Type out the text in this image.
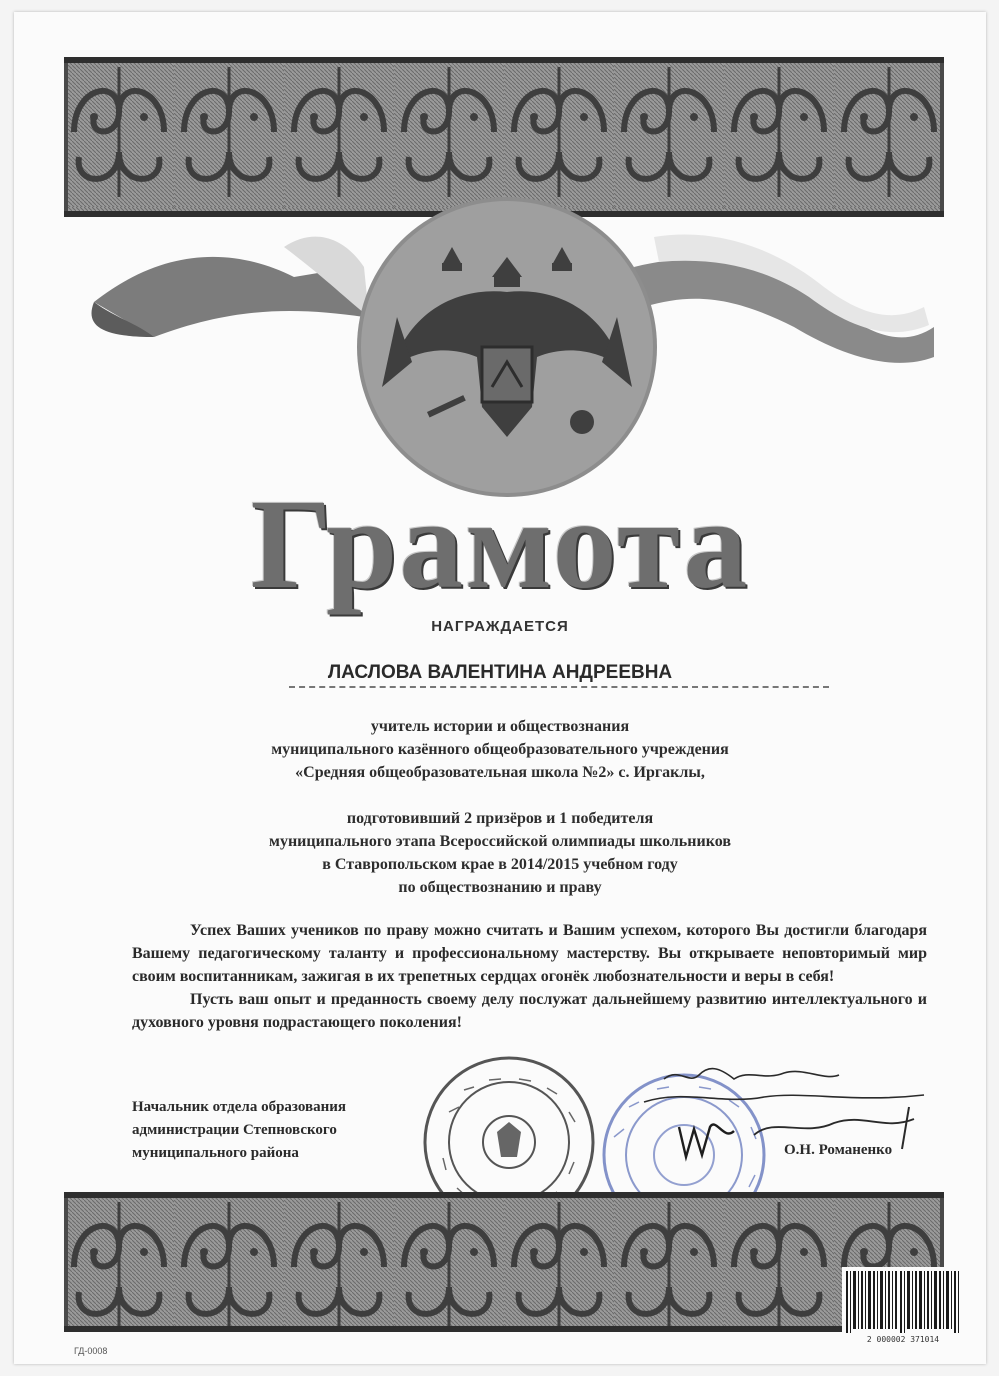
Грамота
НАГРАЖДАЕТСЯ
ЛАСЛОВА ВАЛЕНТИНА АНДРЕЕВНА
учитель истории и обществознания
муниципального казённого общеобразовательного учреждения
«Средняя общеобразовательная школа №2» с. Иргаклы,
подготовивший 2 призёров и 1 победителя
муниципального этапа Всероссийской олимпиады школьников
в Ставропольском крае в 2014/2015 учебном году
по обществознанию и праву

Успех Ваших учеников по праву можно считать и Вашим успехом, которого Вы достигли благодаря Вашему педагогическому таланту и профессиональному мастерству. Вы открываете неповторимый мир своим воспитанникам, зажигая в их трепетных сердцах огонёк любознательности и веры в себя!

Пусть ваш опыт и преданность своему делу послужат дальнейшему развитию интеллектуального и духовного уровня подрастающего поколения!

Начальник отдела образования
администрации Степновского
муниципального района	О.Н. Романенко
2 000002 371014
ГД-0008
